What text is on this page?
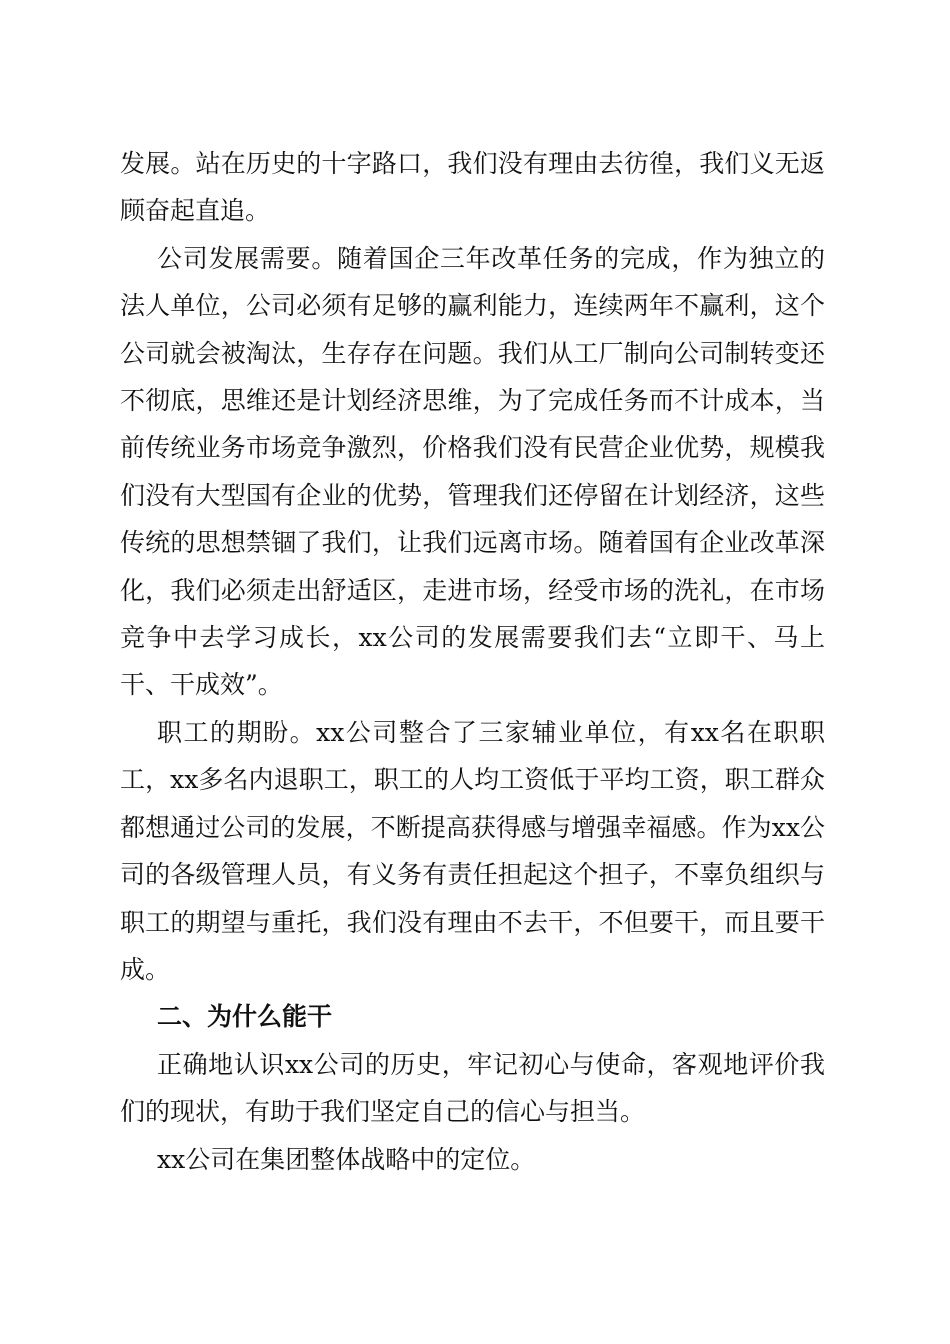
发展。站在历史的十字路口，我们没有理由去彷徨，我们义无返顾奋起直追。

公司发展需要。随着国企三年改革任务的完成，作为独立的法人单位，公司必须有足够的赢利能力，连续两年不赢利，这个公司就会被淘汰，生存存在问题。我们从工厂制向公司制转变还不彻底，思维还是计划经济思维，为了完成任务而不计成本，当前传统业务市场竞争激烈，价格我们没有民营企业优势，规模我们没有大型国有企业的优势，管理我们还停留在计划经济，这些传统的思想禁锢了我们，让我们远离市场。随着国有企业改革深化，我们必须走出舒适区，走进市场，经受市场的洗礼，在市场竞争中去学习成长，xx公司的发展需要我们去“立即干、马上干、干成效”。

职工的期盼。xx公司整合了三家辅业单位，有xx名在职职工，xx多名内退职工，职工的人均工资低于平均工资，职工群众都想通过公司的发展，不断提高获得感与增强幸福感。作为xx公司的各级管理人员，有义务有责任担起这个担子，不辜负组织与职工的期望与重托，我们没有理由不去干，不但要干，而且要干成。

二、为什么能干

正确地认识xx公司的历史，牢记初心与使命，客观地评价我们的现状，有助于我们坚定自己的信心与担当。

xx公司在集团整体战略中的定位。
